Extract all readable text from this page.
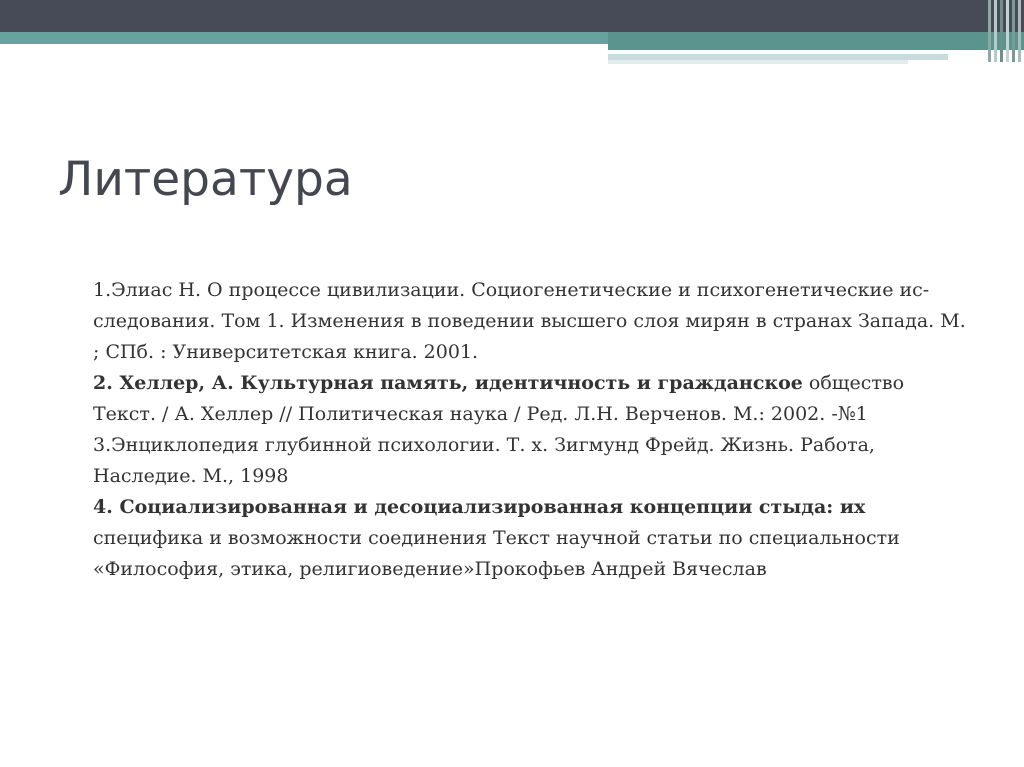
Литература

1.Элиас Н. О процессе цивилизации. Социогенетические и психогенетические ис-следования. Том 1. Изменения в поведении высшего слоя мирян в странах Запада. М. ; СПб. : Университетская книга. 2001.

2. Хеллер, А. Культурная память, идентичность и гражданское общество Текст. / А. Хеллер // Политическая наука / Ред. Л.Н. Верченов. М.: 2002. -№1

3.Энциклопедия глубинной психологии. Т. x. Зигмунд Фрейд. Жизнь. Работа, Наследие. М., 1998

4. Социализированная и десоциализированная концепции стыда: их специфика и возможности соединения Текст научной статьи по специальности «Философия, этика, религиоведение»Прокофьев Андрей Вячеслав
